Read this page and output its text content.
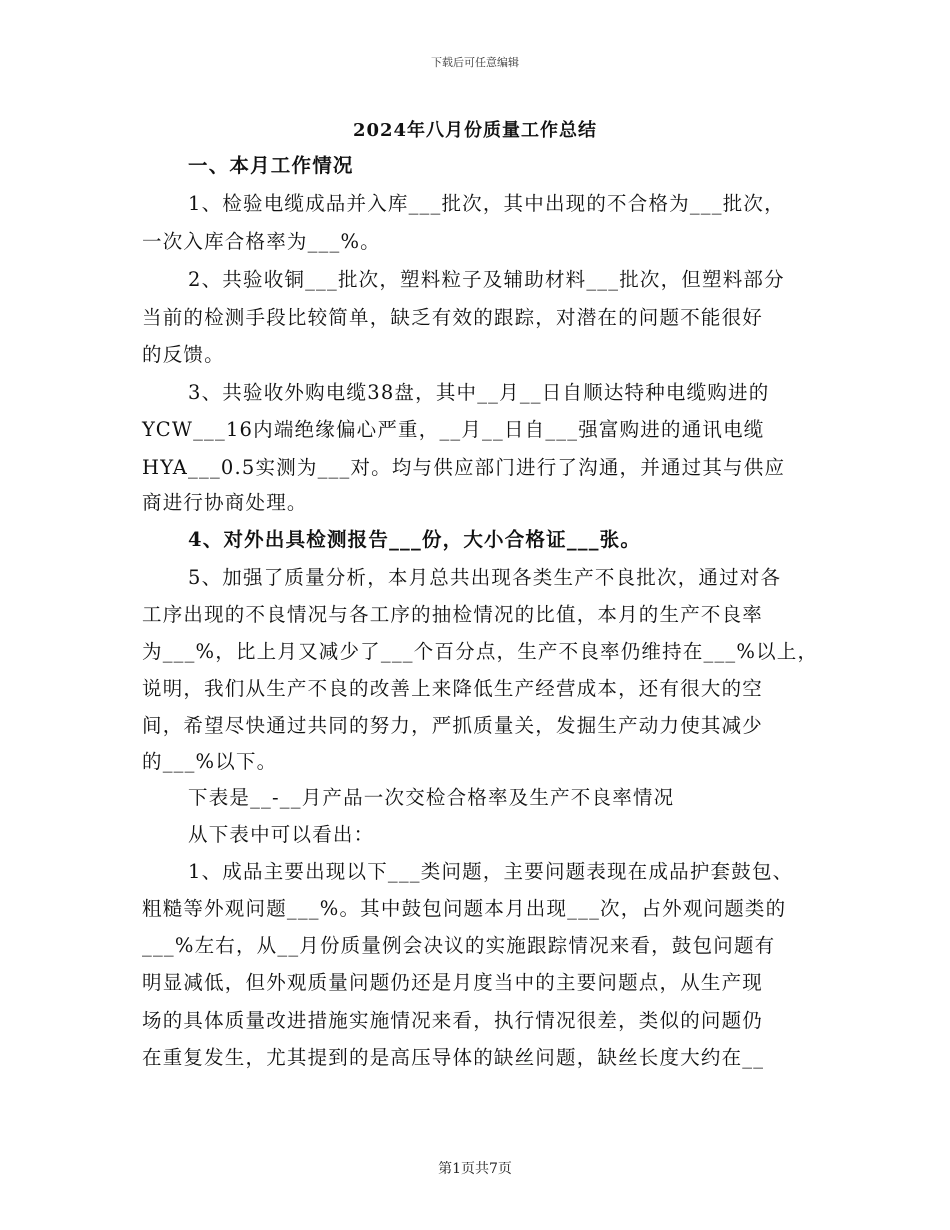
下载后可任意编辑
2024年八月份质量工作总结
一、本月工作情况
1、检验电缆成品并入库___批次，其中出现的不合格为___批次，
一次入库合格率为___%。
2、共验收铜___批次，塑料粒子及辅助材料___批次，但塑料部分
当前的检测手段比较简单，缺乏有效的跟踪，对潜在的问题不能很好
的反馈。
3、共验收外购电缆38盘，其中__月__日自顺达特种电缆购进的
YCW___16内端绝缘偏心严重，__月__日自___强富购进的通讯电缆
HYA___0.5实测为___对。均与供应部门进行了沟通，并通过其与供应
商进行协商处理。
4、对外出具检测报告___份，大小合格证___张。
5、加强了质量分析，本月总共出现各类生产不良批次，通过对各
工序出现的不良情况与各工序的抽检情况的比值，本月的生产不良率
为___%，比上月又减少了___个百分点，生产不良率仍维持在___%以上，
说明，我们从生产不良的改善上来降低生产经营成本，还有很大的空
间，希望尽快通过共同的努力，严抓质量关，发掘生产动力使其减少
的___%以下。
下表是__-__月产品一次交检合格率及生产不良率情况
从下表中可以看出：
1、成品主要出现以下___类问题，主要问题表现在成品护套鼓包、
粗糙等外观问题___%。其中鼓包问题本月出现___次，占外观问题类的
___%左右，从__月份质量例会决议的实施跟踪情况来看，鼓包问题有
明显减低，但外观质量问题仍还是月度当中的主要问题点，从生产现
场的具体质量改进措施实施情况来看，执行情况很差，类似的问题仍
在重复发生，尤其提到的是高压导体的缺丝问题，缺丝长度大约在__
第1页共7页
